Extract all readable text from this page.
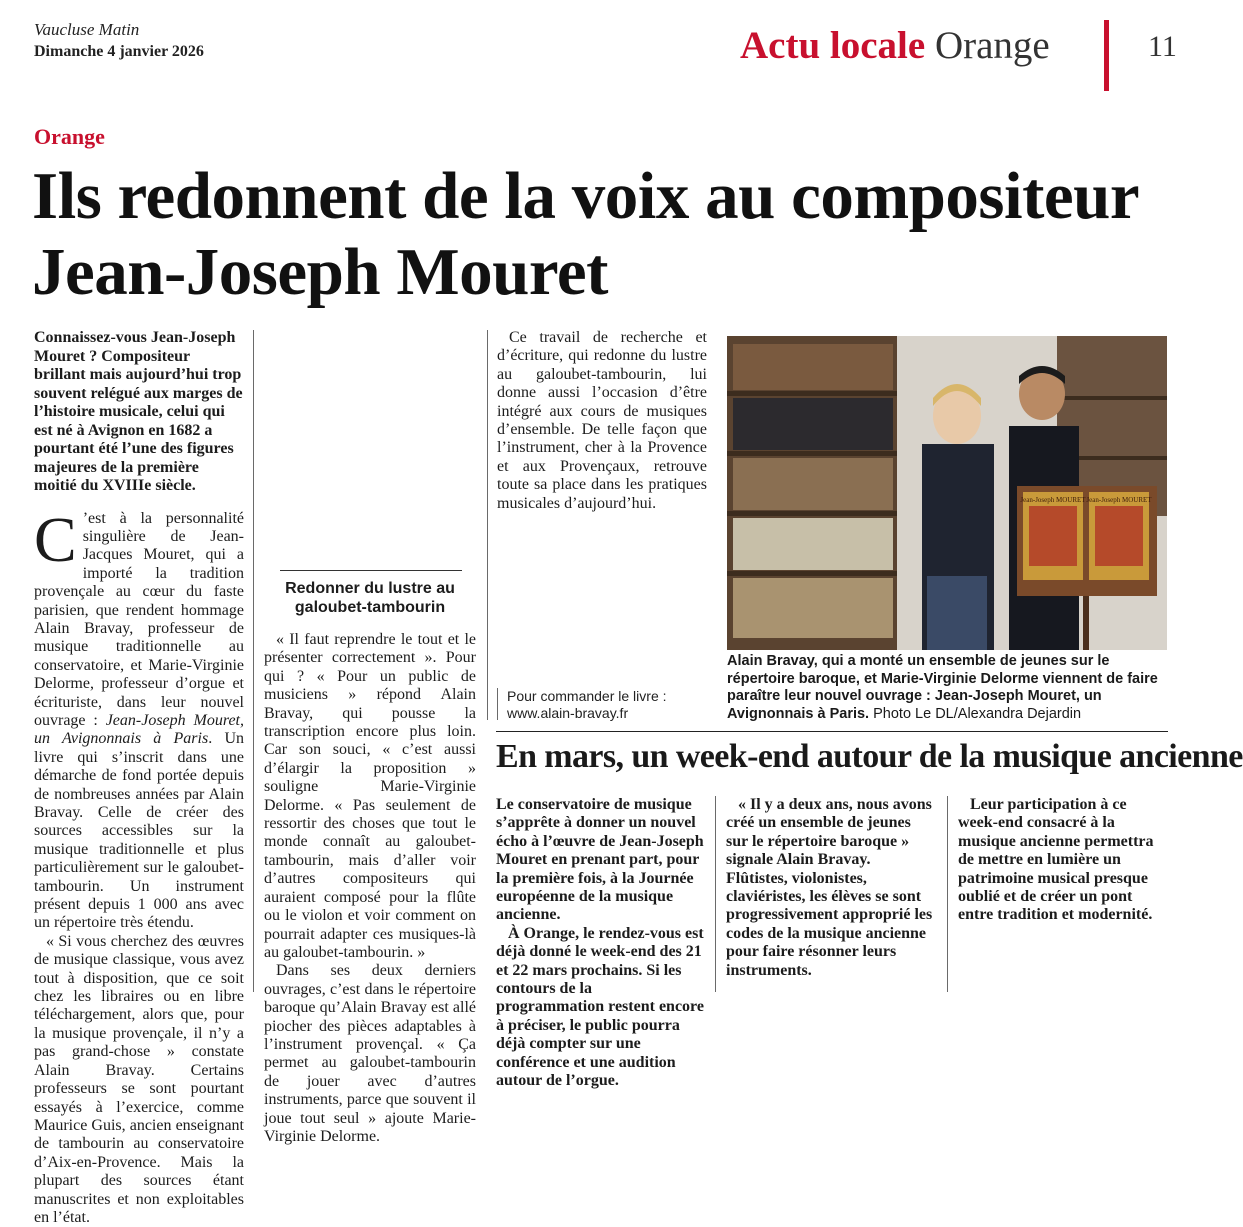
Vaucluse Matin
Dimanche 4 janvier 2026	Actu locale Orange	11
Orange
Ils redonnent de la voix au compositeur Jean-Joseph Mouret

Connaissez-vous Jean-Joseph Mouret ? Compositeur brillant mais aujourd’hui trop souvent relégué aux marges de l’histoire musicale, celui qui est né à Avignon en 1682 a pourtant été l’une des figures majeures de la première moitié du XVIIIe siècle.

C ’est à la personnalité singulière de Jean-Jacques Mouret, qui a importé la tradition provençale au cœur du faste parisien, que rendent hommage Alain Bravay, professeur de musique traditionnelle au conservatoire, et Marie-Virginie Delorme, professeur d’orgue et écrituriste, dans leur nouvel ouvrage : Jean-Joseph Mouret, un Avignonnais à Paris. Un livre qui s’inscrit dans une démarche de fond portée depuis de nombreuses années par Alain Bravay. Celle de créer des sources accessibles sur la musique traditionnelle et plus particulièrement sur le galoubet-tambourin. Un instrument présent depuis 1 000 ans avec un répertoire très étendu.

« Si vous cherchez des œuvres de musique classique, vous avez tout à disposition, que ce soit chez les libraires ou en libre téléchargement, alors que, pour la musique provençale, il n’y a pas grand-chose » constate Alain Bravay. Certains professeurs se sont pourtant essayés à l’exercice, comme Maurice Guis, ancien enseignant de tambourin au conservatoire d’Aix-en-Provence. Mais la plupart des sources étant manuscrites et non exploitables en l’état.

Redonner du lustre au galoubet-tambourin

« Il faut reprendre le tout et le présenter correctement ». Pour qui ? « Pour un public de musiciens » répond Alain Bravay, qui pousse la transcription encore plus loin. Car son souci, « c’est aussi d’élargir la proposition » souligne Marie-Virginie Delorme. « Pas seulement de ressortir des choses que tout le monde connaît au galoubet-tambourin, mais d’aller voir d’autres compositeurs qui auraient composé pour la flûte ou le violon et voir comment on pourrait adapter ces musiques-là au galoubet-tambourin. »

Dans ses deux derniers ouvrages, c’est dans le répertoire baroque qu’Alain Bravay est allé piocher des pièces adaptables à l’instrument provençal. « Ça permet au galoubet-tambourin de jouer avec d’autres instruments, parce que souvent il joue tout seul » ajoute Marie-Virginie Delorme.

Ce travail de recherche et d’écriture, qui redonne du lustre au galoubet-tambourin, lui donne aussi l’occasion d’être intégré aux cours de musiques d’ensemble. De telle façon que l’instrument, cher à la Provence et aux Provençaux, retrouve toute sa place dans les pratiques musicales d’aujourd’hui.

Pour commander le livre :
www.alain-bravay.fr
Jean-Joseph MOURET Jean-Joseph MOURET
Alain Bravay, qui a monté un ensemble de jeunes sur le répertoire baroque, et Marie-Virginie Delorme viennent de faire paraître leur nouvel ouvrage : Jean-Joseph Mouret, un Avignonnais à Paris. Photo Le DL/Alexandra Dejardin
En mars, un week-end autour de la musique ancienne

Le conservatoire de musique s’apprête à donner un nouvel écho à l’œuvre de Jean-Joseph Mouret en prenant part, pour la première fois, à la Journée européenne de la musique ancienne.

À Orange, le rendez-vous est déjà donné le week-end des 21 et 22 mars prochains. Si les contours de la programmation restent encore à préciser, le public pourra déjà compter sur une conférence et une audition autour de l’orgue.

« Il y a deux ans, nous avons créé un ensemble de jeunes sur le répertoire baroque » signale Alain Bravay. Flûtistes, violonistes, claviéristes, les élèves se sont progressivement approprié les codes de la musique ancienne pour faire résonner leurs instruments.

Leur participation à ce week-end consacré à la musique ancienne permettra de mettre en lumière un patrimoine musical presque oublié et de créer un pont entre tradition et modernité.
